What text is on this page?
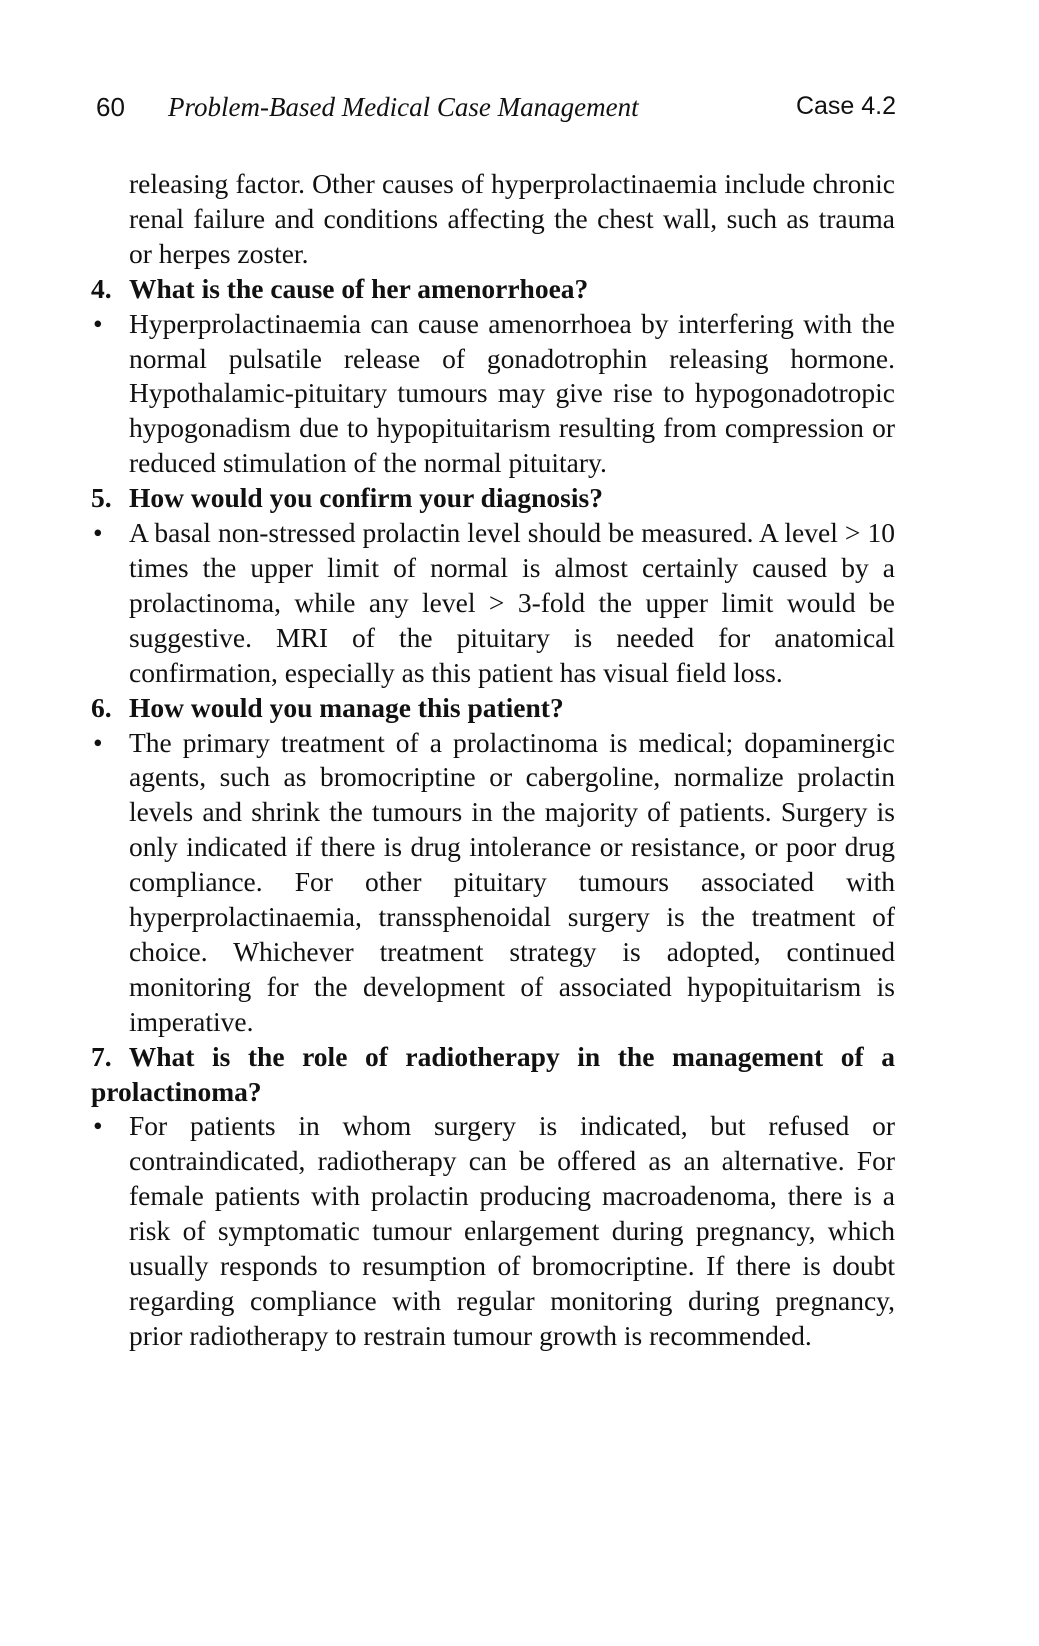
60 Problem-Based Medical Case Management	Case 4.2

releasing factor. Other causes of hyperprolactinaemia include chronic renal failure and conditions affecting the chest wall, such as trauma or herpes zoster.

4. What is the cause of her amenorrhoea?
• Hyperprolactinaemia can cause amenorrhoea by interfering with the normal pulsatile release of gonadotrophin releasing hormone. Hypothalamic-pituitary tumours may give rise to hypogonadotropic hypogonadism due to hypopituitarism resulting from compression or reduced stimulation of the normal pituitary.
5. How would you confirm your diagnosis?
• A basal non-stressed prolactin level should be measured. A level > 10 times the upper limit of normal is almost certainly caused by a prolactinoma, while any level > 3-fold the upper limit would be suggestive. MRI of the pituitary is needed for anatomical confirmation, especially as this patient has visual field loss.
6. How would you manage this patient?
• The primary treatment of a prolactinoma is medical; dopaminergic agents, such as bromocriptine or cabergoline, normalize prolactin levels and shrink the tumours in the majority of patients. Surgery is only indicated if there is drug intolerance or resistance, or poor drug compliance. For other pituitary tumours associated with hyperprolactinaemia, transsphenoidal surgery is the treatment of choice. Whichever treatment strategy is adopted, continued monitoring for the development of associated hypopituitarism is imperative.
7. What is the role of radiotherapy in the management of a prolactinoma?
• For patients in whom surgery is indicated, but refused or contraindicated, radiotherapy can be offered as an alternative. For female patients with prolactin producing macroadenoma, there is a risk of symptomatic tumour enlargement during pregnancy, which usually responds to resumption of bromocriptine. If there is doubt regarding compliance with regular monitoring during pregnancy, prior radiotherapy to restrain tumour growth is recommended.
